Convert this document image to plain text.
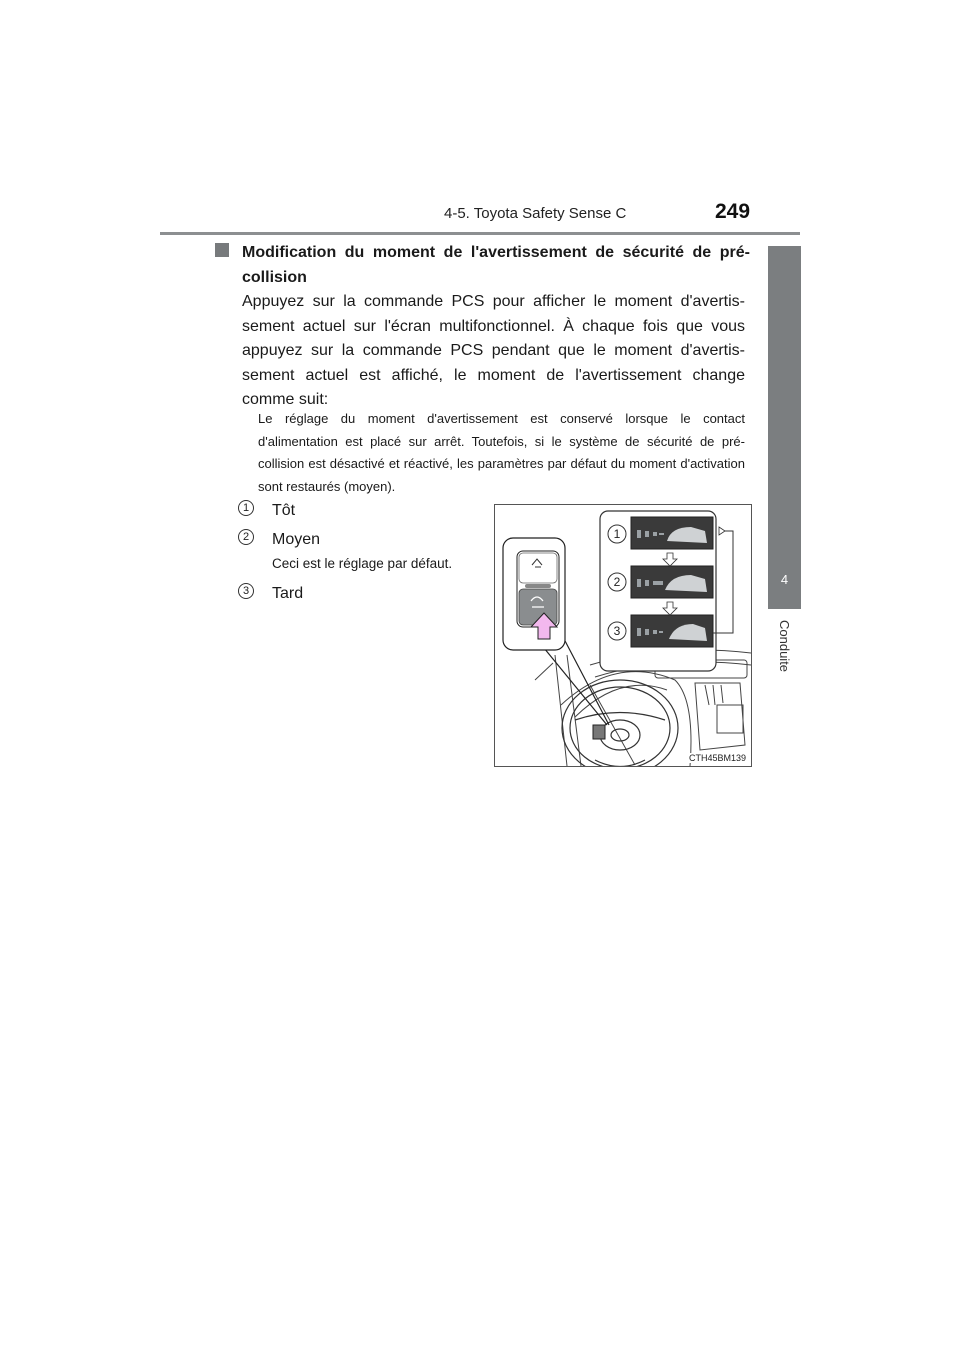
4-5. Toyota Safety Sense C	249
4
Conduite
Modification du moment de l'avertissement de sécurité de pré-collision
Appuyez sur la commande PCS pour afficher le moment d'avertis-sement actuel sur l'écran multifonctionnel. À chaque fois que vous appuyez sur la commande PCS pendant que le moment d'avertis-sement actuel est affiché, le moment de l'avertissement change comme suit:
Le réglage du moment d'avertissement est conservé lorsque le contact d'alimentation est placé sur arrêt. Toutefois, si le système de sécurité de pré-collision est désactivé et réactivé, les paramètres par défaut du moment d'activation sont restaurés (moyen).
1	Tôt
2	Moyen
Ceci est le réglage par défaut.
3	Tard
1
2
3
CTH45BM139
